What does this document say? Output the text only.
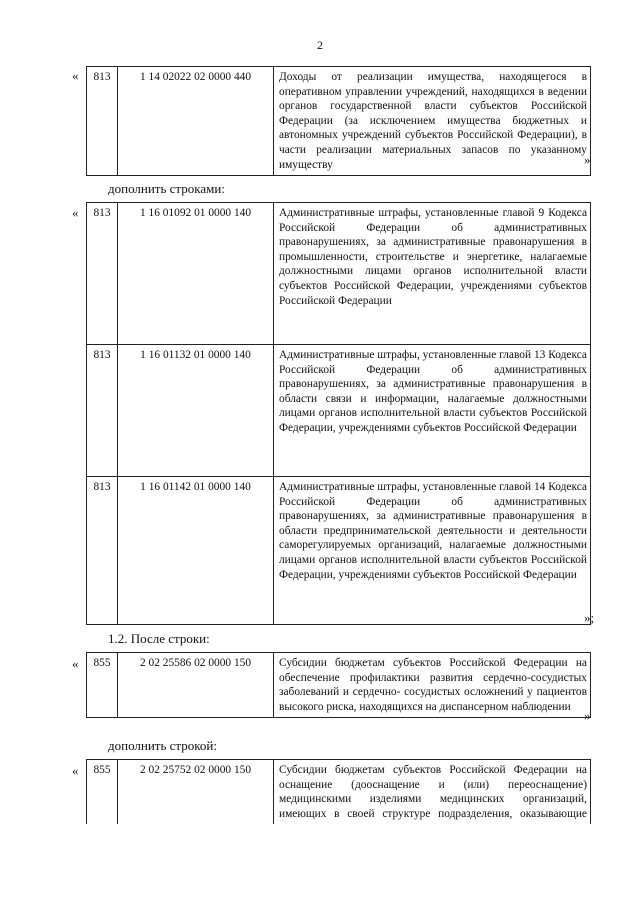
2
« 813	1 14 02022 02 0000 440	Доходы от реализации имущества, находящегося в оперативном управлении учреждений, находящихся в ведении органов государственной власти субъектов Российской Федерации (за исключением имущества бюджетных и автономных учреждений субъектов Российской Федерации), в части реализации материальных запасов по указанному имуществу	»
дополнить строками:
« 813	1 16 01092 01 0000 140	Административные штрафы, установленные главой 9 Кодекса Российской Федерации об административных правонарушениях, за административные правонарушения в промышленности, строительстве и энергетике, налагаемые должностными лицами органов исполнительной власти субъектов Российской Федерации, учреждениями субъектов Российской Федерации
813	1 16 01132 01 0000 140	Административные штрафы, установленные главой 13 Кодекса Российской Федерации об административных правонарушениях, за административные правонарушения в области связи и информации, налагаемые должностными лицами органов исполнительной власти субъектов Российской Федерации, учреждениями субъектов Российской Федерации
813	1 16 01142 01 0000 140	Административные штрафы, установленные главой 14 Кодекса Российской Федерации об административных правонарушениях, за административные правонарушения в области предпринимательской деятельности и деятельности саморегулируемых организаций, налагаемые должностными лицами органов исполнительной власти субъектов Российской Федерации, учреждениями субъектов Российской Федерации
»;
1.2. После строки:
« 855	2 02 25586 02 0000 150	Субсидии бюджетам субъектов Российской Федерации на обеспечение профилактики развития сердечно-сосудистых заболеваний и сердечно- сосудистых осложнений у пациентов высокого риска, находящихся на диспансерном наблюдении
»
дополнить строкой:
« 855	2 02 25752 02 0000 150	Субсидии бюджетам субъектов Российской Федерации на оснащение (дооснащение и (или) переоснащение) медицинскими изделиями медицинских организаций, имеющих в своей структуре подразделения, оказывающие
